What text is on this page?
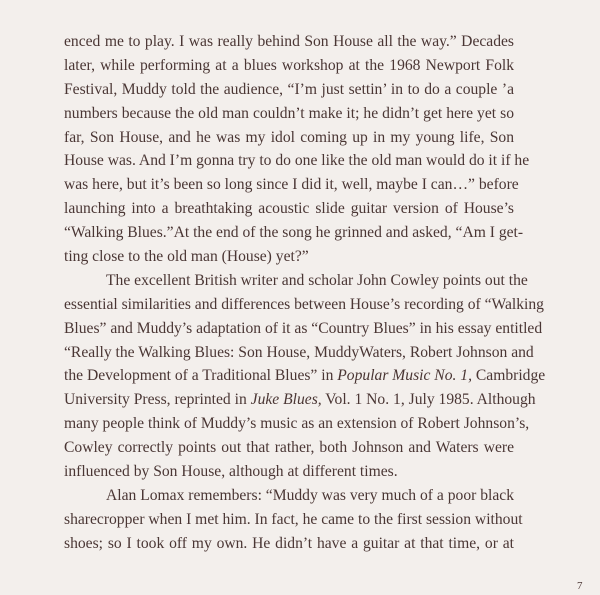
enced me to play. I was really behind Son House all the way.” Decades
later, while performing at a blues workshop at the 1968 Newport Folk
Festival, Muddy told the audience, “I’m just settin’ in to do a couple ’a
numbers because the old man couldn’t make it; he didn’t get here yet so
far, Son House, and he was my idol coming up in my young life, Son
House was. And I’m gonna try to do one like the old man would do it if he
was here, but it’s been so long since I did it, well, maybe I can…” before
launching into a breathtaking acoustic slide guitar version of House’s
“Walking Blues.”At the end of the song he grinned and asked, “Am I get-
ting close to the old man (House) yet?”
The excellent British writer and scholar John Cowley points out the
essential similarities and differences between House’s recording of “Walking
Blues” and Muddy’s adaptation of it as “Country Blues” in his essay entitled
“Really the Walking Blues: Son House, MuddyWaters, Robert Johnson and
the Development of a Traditional Blues” in Popular Music No. 1, Cambridge
University Press, reprinted in Juke Blues, Vol. 1 No. 1, July 1985. Although
many people think of Muddy’s music as an extension of Robert Johnson’s,
Cowley correctly points out that rather, both Johnson and Waters were
influenced by Son House, although at different times.
Alan Lomax remembers: “Muddy was very much of a poor black
sharecropper when I met him. In fact, he came to the first session without
shoes; so I took off my own. He didn’t have a guitar at that time, or at
7
